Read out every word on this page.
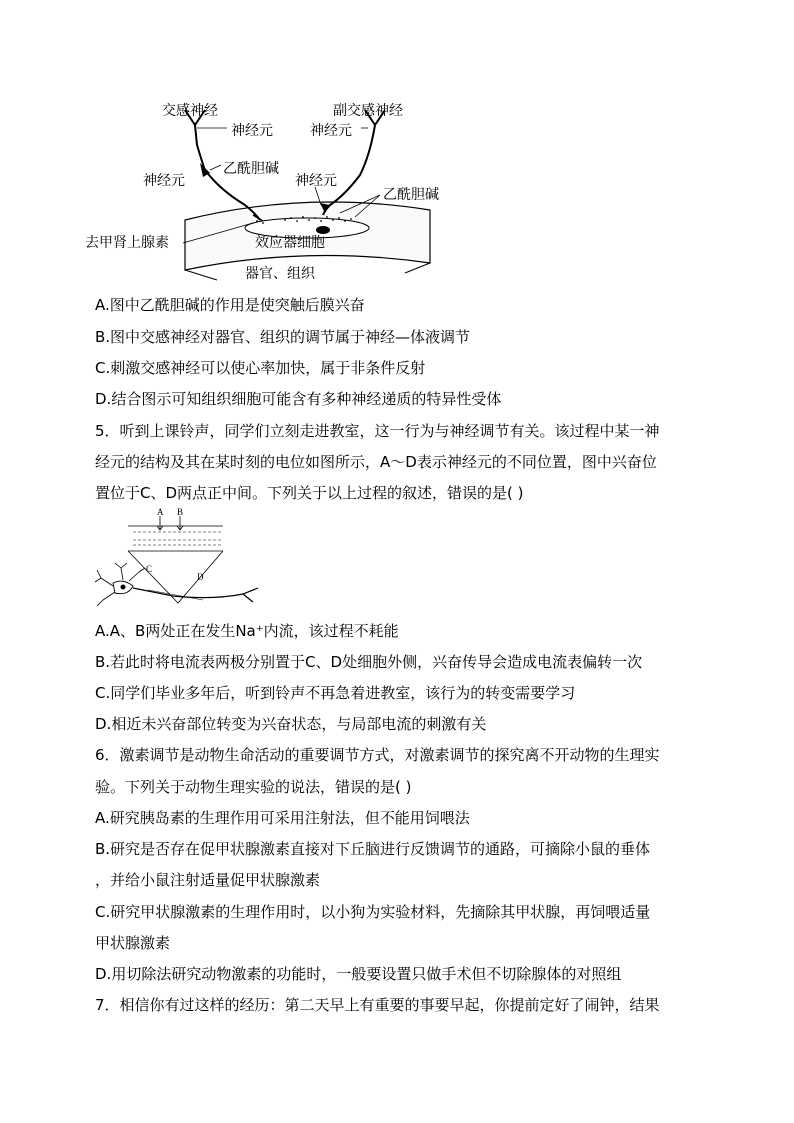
交感神经	副交感神经
神经元	神经元
乙酰胆碱
神经元	神经元
乙酰胆碱
去甲肾上腺素	效应器细胞
器官、组织
A.图中乙酰胆碱的作用是使突触后膜兴奋
B.图中交感神经对器官、组织的调节属于神经—体液调节
C.刺激交感神经可以使心率加快，属于非条件反射
D.结合图示可知组织细胞可能含有多种神经递质的特异性受体
5．听到上课铃声，同学们立刻走进教室，这一行为与神经调节有关。该过程中某一神
经元的结构及其在某时刻的电位如图所示，A～D表示神经元的不同位置，图中兴奋位
置位于C、D两点正中间。下列关于以上过程的叙述，错误的是( )
A B
C
D
A.A、B两处正在发生Na⁺内流，该过程不耗能
B.若此时将电流表两极分别置于C、D处细胞外侧，兴奋传导会造成电流表偏转一次
C.同学们毕业多年后，听到铃声不再急着进教室，该行为的转变需要学习
D.相近未兴奋部位转变为兴奋状态，与局部电流的刺激有关
6．激素调节是动物生命活动的重要调节方式，对激素调节的探究离不开动物的生理实
验。下列关于动物生理实验的说法，错误的是( )
A.研究胰岛素的生理作用可采用注射法，但不能用饲喂法
B.研究是否存在促甲状腺激素直接对下丘脑进行反馈调节的通路，可摘除小鼠的垂体
，并给小鼠注射适量促甲状腺激素
C.研究甲状腺激素的生理作用时，以小狗为实验材料，先摘除其甲状腺，再饲喂适量
甲状腺激素
D.用切除法研究动物激素的功能时，一般要设置只做手术但不切除腺体的对照组
7．相信你有过这样的经历：第二天早上有重要的事要早起，你提前定好了闹钟，结果
